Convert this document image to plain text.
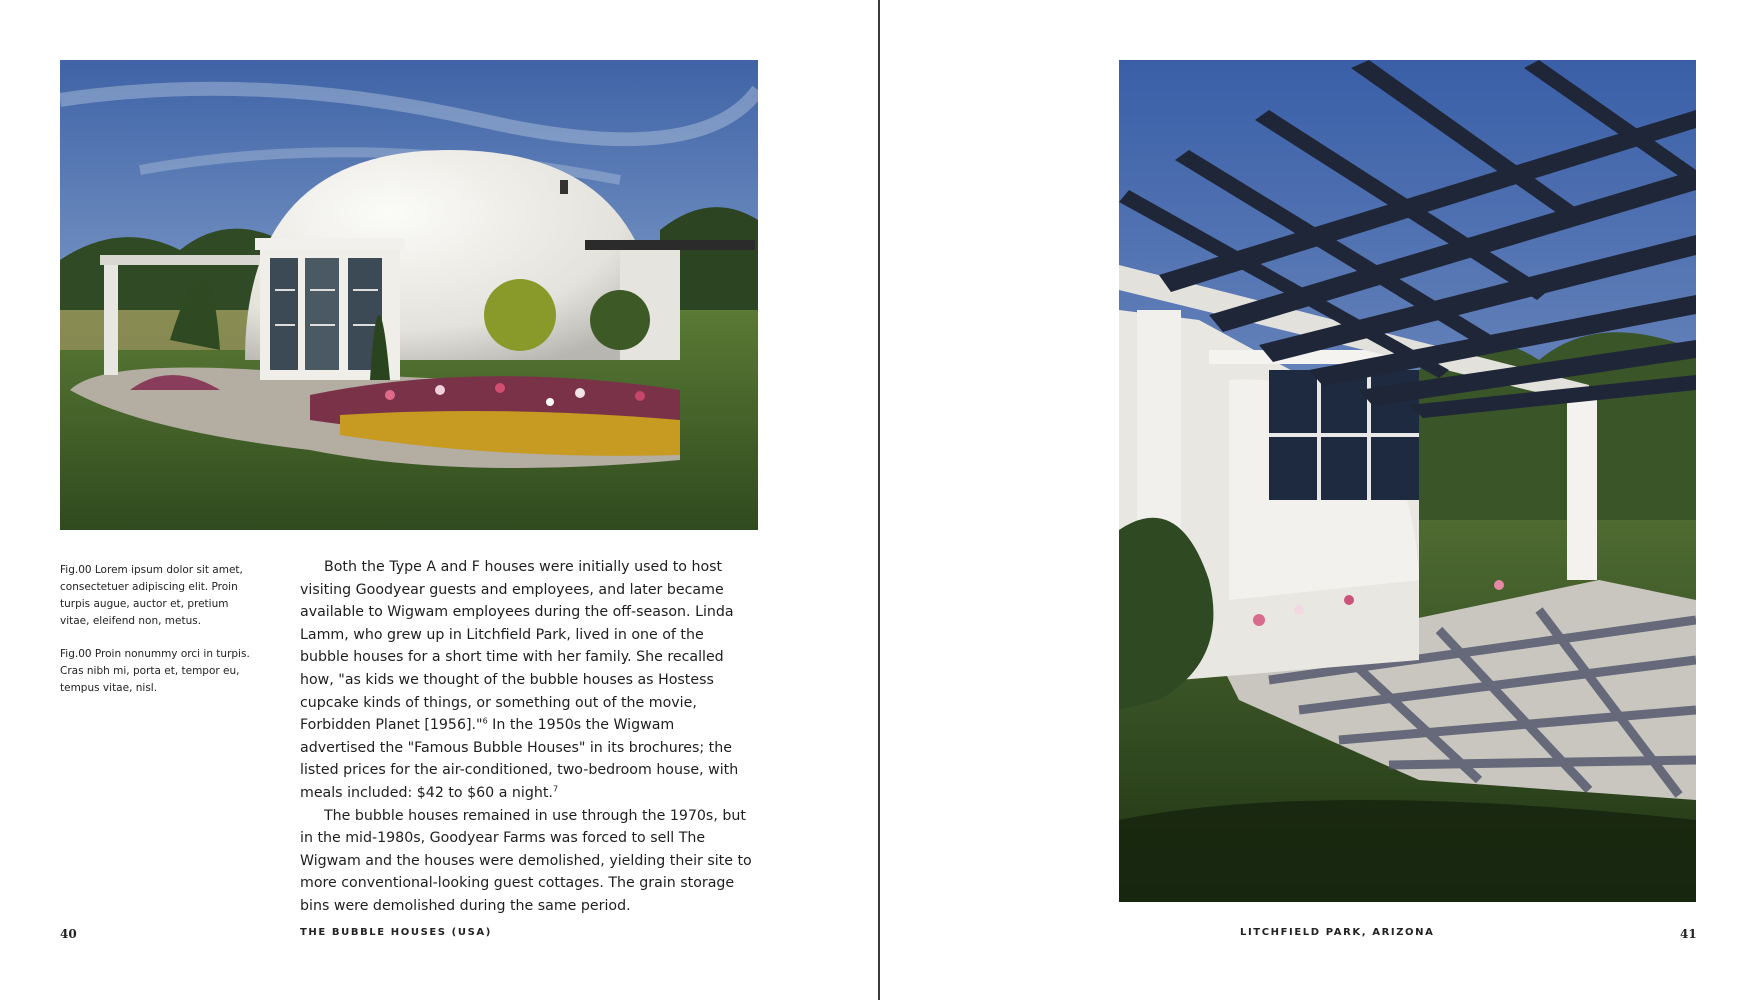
Fig.00 Lorem ipsum dolor sit amet, consectetuer adipiscing elit. Proin turpis augue, auctor et, pretium vitae, eleifend non, metus.

Fig.00 Proin nonummy orci in turpis. Cras nibh mi, porta et, tempor eu, tempus vitae, nisl.

Both the Type A and F houses were initially used to host visiting Goodyear guests and employees, and later became available to Wigwam employees during the off-season. Linda Lamm, who grew up in Litchfield Park, lived in one of the bubble houses for a short time with her family. She recalled how, "as kids we thought of the bubble houses as Hostess cupcake kinds of things, or something out of the movie, Forbidden Planet [1956]."$^6$ In the 1950s the Wigwam advertised the "Famous Bubble Houses" in its brochures; the listed prices for the air-conditioned, two-bedroom house, with meals included: $42 to $60 a night.$^7$

The bubble houses remained in use through the 1970s, but in the mid-1980s, Goodyear Farms was forced to sell The Wigwam and the houses were demolished, yielding their site to more conventional-looking guest cottages. The grain storage bins were demolished during the same period.

40	THE BUBBLE HOUSES (USA)	LITCHFIELD PARK, ARIZONA	41
